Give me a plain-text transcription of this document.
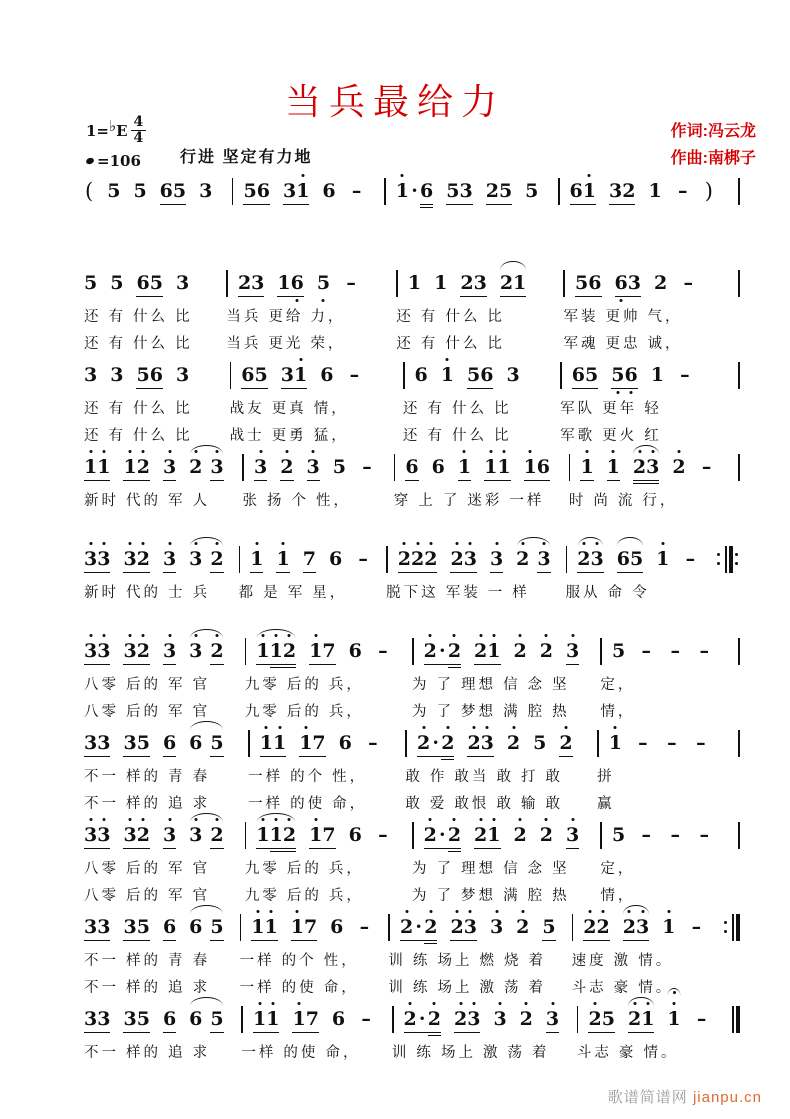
当兵最给力
1= ♭ E $\frac{4}{4}$
=106 行进 坚定有力地
作词:冯云龙
作曲:南梆子
( 5 5 6 5 3 5 6 3 1 6 – 1 · 6 5 3 2 5 5 6 1 3 2 1 – )
5 5 6 5 3
还 有 什么 比
还 有 什么 比
2 3 1 6 5 –
当兵 更给 力，
当兵 更光 荣，
1 1 2 3 2 1
还 有 什么 比
还 有 什么 比
5 6 6 3 2 –
军装 更帅 气，
军魂 更忠 诚，
3 3 5 6 3
还 有 什么 比
还 有 什么 比
6 5 3 1 6 –
战友 更真 情，
战士 更勇 猛，
6 1 5 6 3
还 有 什么 比
还 有 什么 比
6 5 5 6 1 –
军队 更年 轻
军歌 更火 红
1 1 1 2 3 2 3
新时 代的 军 人
3 2 3 5 –
张 扬 个 性，
6 6 1 1 1 1 6
穿 上 了 迷彩 一样
1 1 2 3 2 –
时 尚 流 行，
3 3 3 2 3 3 2
新时 代的 士 兵
1 1 7 6 –
都 是 军 星，
2 2 2 2 3 3 2 3
脱下这 军装 一 样
2 3 6 5 1 –
服从 命 令
3 3 3 2 3 3 2
八零 后的 军 官
八零 后的 军 官
1 1 2 1 7 6 –
九零 后的 兵，
九零 后的 兵，
2 · 2 2 1 2 2 3
为 了 理想 信 念 坚
为 了 梦想 满 腔 热
5 – – –
定，
情，
3 3 3 5 6 6 5
不一 样的 青 春
不一 样的 追 求
1 1 1 7 6 –
一样 的个 性，
一样 的使 命，
2 · 2 2 3 2 5 2
敢 作 敢当 敢 打 敢
敢 爱 敢恨 敢 输 敢
1 – – –
拼
赢
3 3 3 2 3 3 2
八零 后的 军 官
八零 后的 军 官
1 1 2 1 7 6 –
九零 后的 兵，
九零 后的 兵，
2 · 2 2 1 2 2 3
为 了 理想 信 念 坚
为 了 梦想 满 腔 热
5 – – –
定，
情，
3 3 3 5 6 6 5
不一 样的 青 春
不一 样的 追 求
1 1 1 7 6 –
一样 的个 性，
一样 的使 命，
2 · 2 2 3 3 2 5
训 练 场上 燃 烧 着
训 练 场上 激 荡 着
2 2 2 3 1 –
速度 激 情。
斗志 豪 情。
3 3 3 5 6 6 5
不一 样的 追 求
1 1 1 7 6 –
一样 的使 命，
2 · 2 2 3 3 2 3
训 练 场上 激 荡 着
2 5 2 1 1 –
斗志 豪 情。
歌谱简谱网 jianpu.cn
